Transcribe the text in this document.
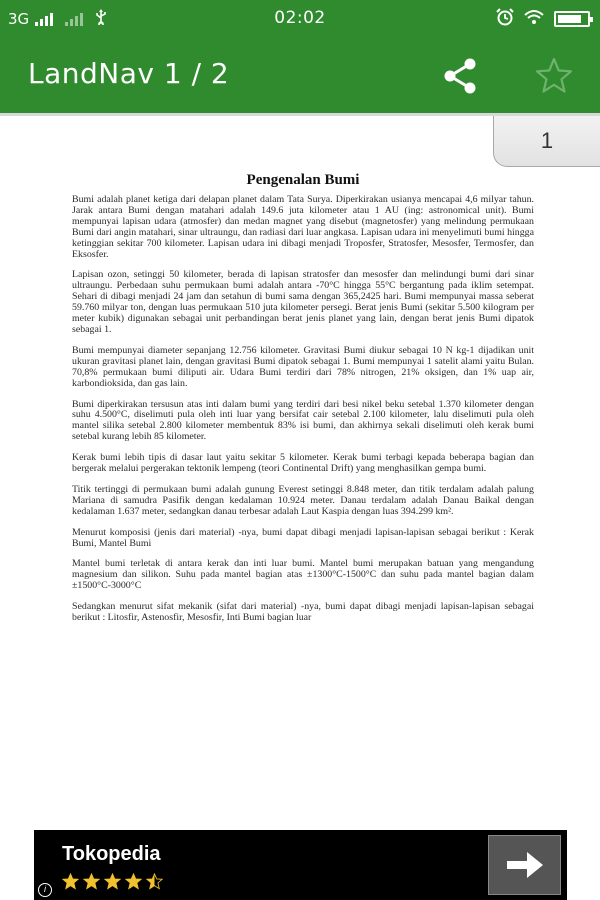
3G	02:02
LandNav 1 / 2
1
Pengenalan Bumi

Bumi adalah planet ketiga dari delapan planet dalam Tata Surya. Diperkirakan usianya mencapai 4,6 milyar tahun. Jarak antara Bumi dengan matahari adalah 149.6 juta kilometer atau 1 AU (ing: astronomical unit). Bumi mempunyai lapisan udara (atmosfer) dan medan magnet yang disebut (magnetosfer) yang melindung permukaan Bumi dari angin matahari, sinar ultraungu, dan radiasi dari luar angkasa. Lapisan udara ini menyelimuti bumi hingga ketinggian sekitar 700 kilometer. Lapisan udara ini dibagi menjadi Troposfer, Stratosfer, Mesosfer, Termosfer, dan Eksosfer.

Lapisan ozon, setinggi 50 kilometer, berada di lapisan stratosfer dan mesosfer dan melindungi bumi dari sinar ultraungu. Perbedaan suhu permukaan bumi adalah antara -70°C hingga 55°C bergantung pada iklim setempat. Sehari di dibagi menjadi 24 jam dan setahun di bumi sama dengan 365,2425 hari. Bumi mempunyai massa seberat 59.760 milyar ton, dengan luas permukaan 510 juta kilometer persegi. Berat jenis Bumi (sekitar 5.500 kilogram per meter kubik) digunakan sebagai unit perbandingan berat jenis planet yang lain, dengan berat jenis Bumi dipatok sebagai 1.

Bumi mempunyai diameter sepanjang 12.756 kilometer. Gravitasi Bumi diukur sebagai 10 N kg-1 dijadikan unit ukuran gravitasi planet lain, dengan gravitasi Bumi dipatok sebagai 1. Bumi mempunyai 1 satelit alami yaitu Bulan. 70,8% permukaan bumi diliputi air. Udara Bumi terdiri dari 78% nitrogen, 21% oksigen, dan 1% uap air, karbondioksida, dan gas lain.

Bumi diperkirakan tersusun atas inti dalam bumi yang terdiri dari besi nikel beku setebal 1.370 kilometer dengan suhu 4.500°C, diselimuti pula oleh inti luar yang bersifat cair setebal 2.100 kilometer, lalu diselimuti pula oleh mantel silika setebal 2.800 kilometer membentuk 83% isi bumi, dan akhirnya sekali diselimuti oleh kerak bumi setebal kurang lebih 85 kilometer.

Kerak bumi lebih tipis di dasar laut yaitu sekitar 5 kilometer. Kerak bumi terbagi kepada beberapa bagian dan bergerak melalui pergerakan tektonik lempeng (teori Continental Drift) yang menghasilkan gempa bumi.

Titik tertinggi di permukaan bumi adalah gunung Everest setinggi 8.848 meter, dan titik terdalam adalah palung Mariana di samudra Pasifik dengan kedalaman 10.924 meter. Danau terdalam adalah Danau Baikal dengan kedalaman 1.637 meter, sedangkan danau terbesar adalah Laut Kaspia dengan luas 394.299 km².

Menurut komposisi (jenis dari material) -nya, bumi dapat dibagi menjadi lapisan-lapisan sebagai berikut : Kerak Bumi, Mantel Bumi

Mantel bumi terletak di antara kerak dan inti luar bumi. Mantel bumi merupakan batuan yang mengandung magnesium dan silikon. Suhu pada mantel bagian atas ±1300°C-1500°C dan suhu pada mantel bagian dalam ±1500°C-3000°C

Sedangkan menurut sifat mekanik (sifat dari material) -nya, bumi dapat dibagi menjadi lapisan-lapisan sebagai berikut : Litosfir, Astenosfir, Mesosfir, Inti Bumi bagian luar

Tokopedia
i
